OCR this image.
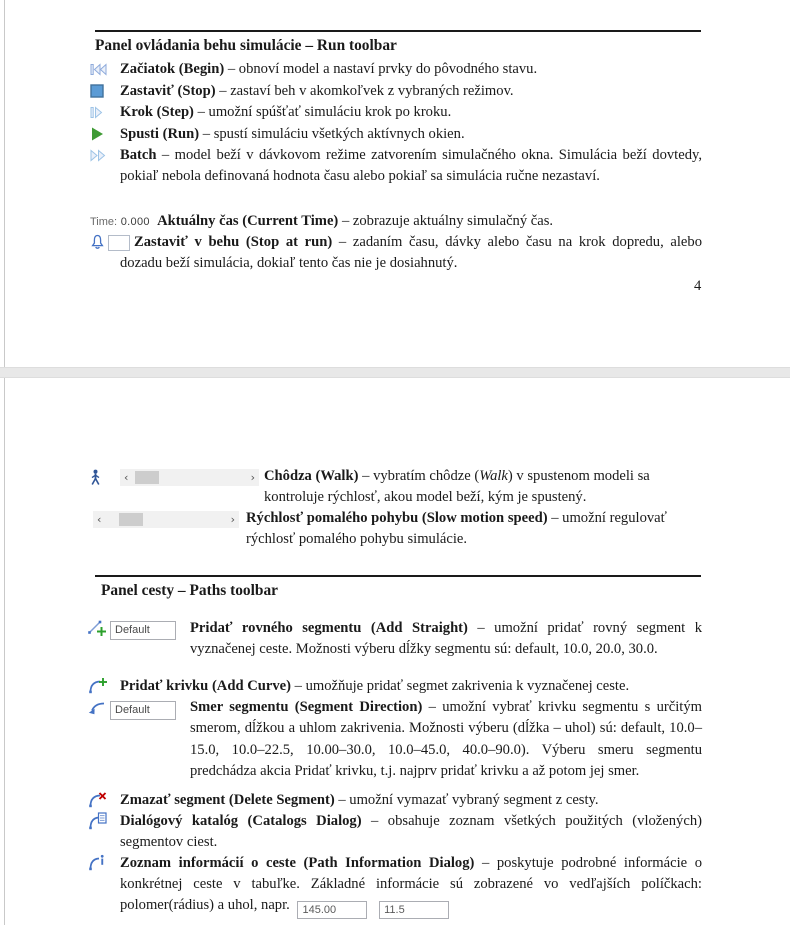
Panel ovládania behu simulácie – Run toolbar
Začiatok (Begin) – obnoví model a nastaví prvky do pôvodného stavu.
Zastaviť (Stop) – zastaví beh v akomkoľvek z vybraných režimov.
Krok (Step) – umožní spúšťať simuláciu krok po kroku.
Spusti (Run) – spustí simuláciu všetkých aktívnych okien.
Batch – model beží v dávkovom režime zatvorením simulačného okna. Simulácia beží dovtedy, pokiaľ nebola definovaná hodnota času alebo pokiaľ sa simulácia ručne nezastaví.
Time: 0.000 Aktuálny čas (Current Time) – zobrazuje aktuálny simulačný čas.
Zastaviť v behu (Stop at run) – zadaním času, dávky alebo času na krok dopredu, alebo dozadu beží simulácia, dokiaľ tento čas nie je dosiahnutý.
4
‹	› Chôdza (Walk) – vybratím chôdze (Walk) v spustenom modeli sa kontroluje rýchlosť, akou model beží, kým je spustený.
‹	› Rýchlosť pomalého pohybu (Slow motion speed) – umožní regulovať rýchlosť pomalého pohybu simulácie.
Panel cesty – Paths toolbar
Default	Pridať rovného segmentu (Add Straight) – umožní pridať rovný segment k vyznačenej ceste. Možnosti výberu dĺžky segmentu sú: default, 10.0, 20.0, 30.0.
Pridať krivku (Add Curve) – umožňuje pridať segmet zakrivenia k vyznačenej ceste.
Default	Smer segmentu (Segment Direction) – umožní vybrať krivku segmentu s určitým smerom, dĺžkou a uhlom zakrivenia. Možnosti výberu (dĺžka – uhol) sú: default, 10.0–15.0, 10.0–22.5, 10.00–30.0, 10.0–45.0, 40.0–90.0). Výberu smeru segmentu predchádza akcia Pridať krivku, t.j. najprv pridať krivku a až potom jej smer.
Zmazať segment (Delete Segment) – umožní vymazať vybraný segment z cesty.
Dialógový katalóg (Catalogs Dialog) – obsahuje zoznam všetkých použitých (vložených) segmentov ciest.
Zoznam informácií o ceste (Path Information Dialog) – poskytuje podrobné informácie o konkrétnej ceste v tabuľke. Základné informácie sú zobrazené vo vedľajších políčkach: polomer(rádius) a uhol, napr. 145.00 11.5
